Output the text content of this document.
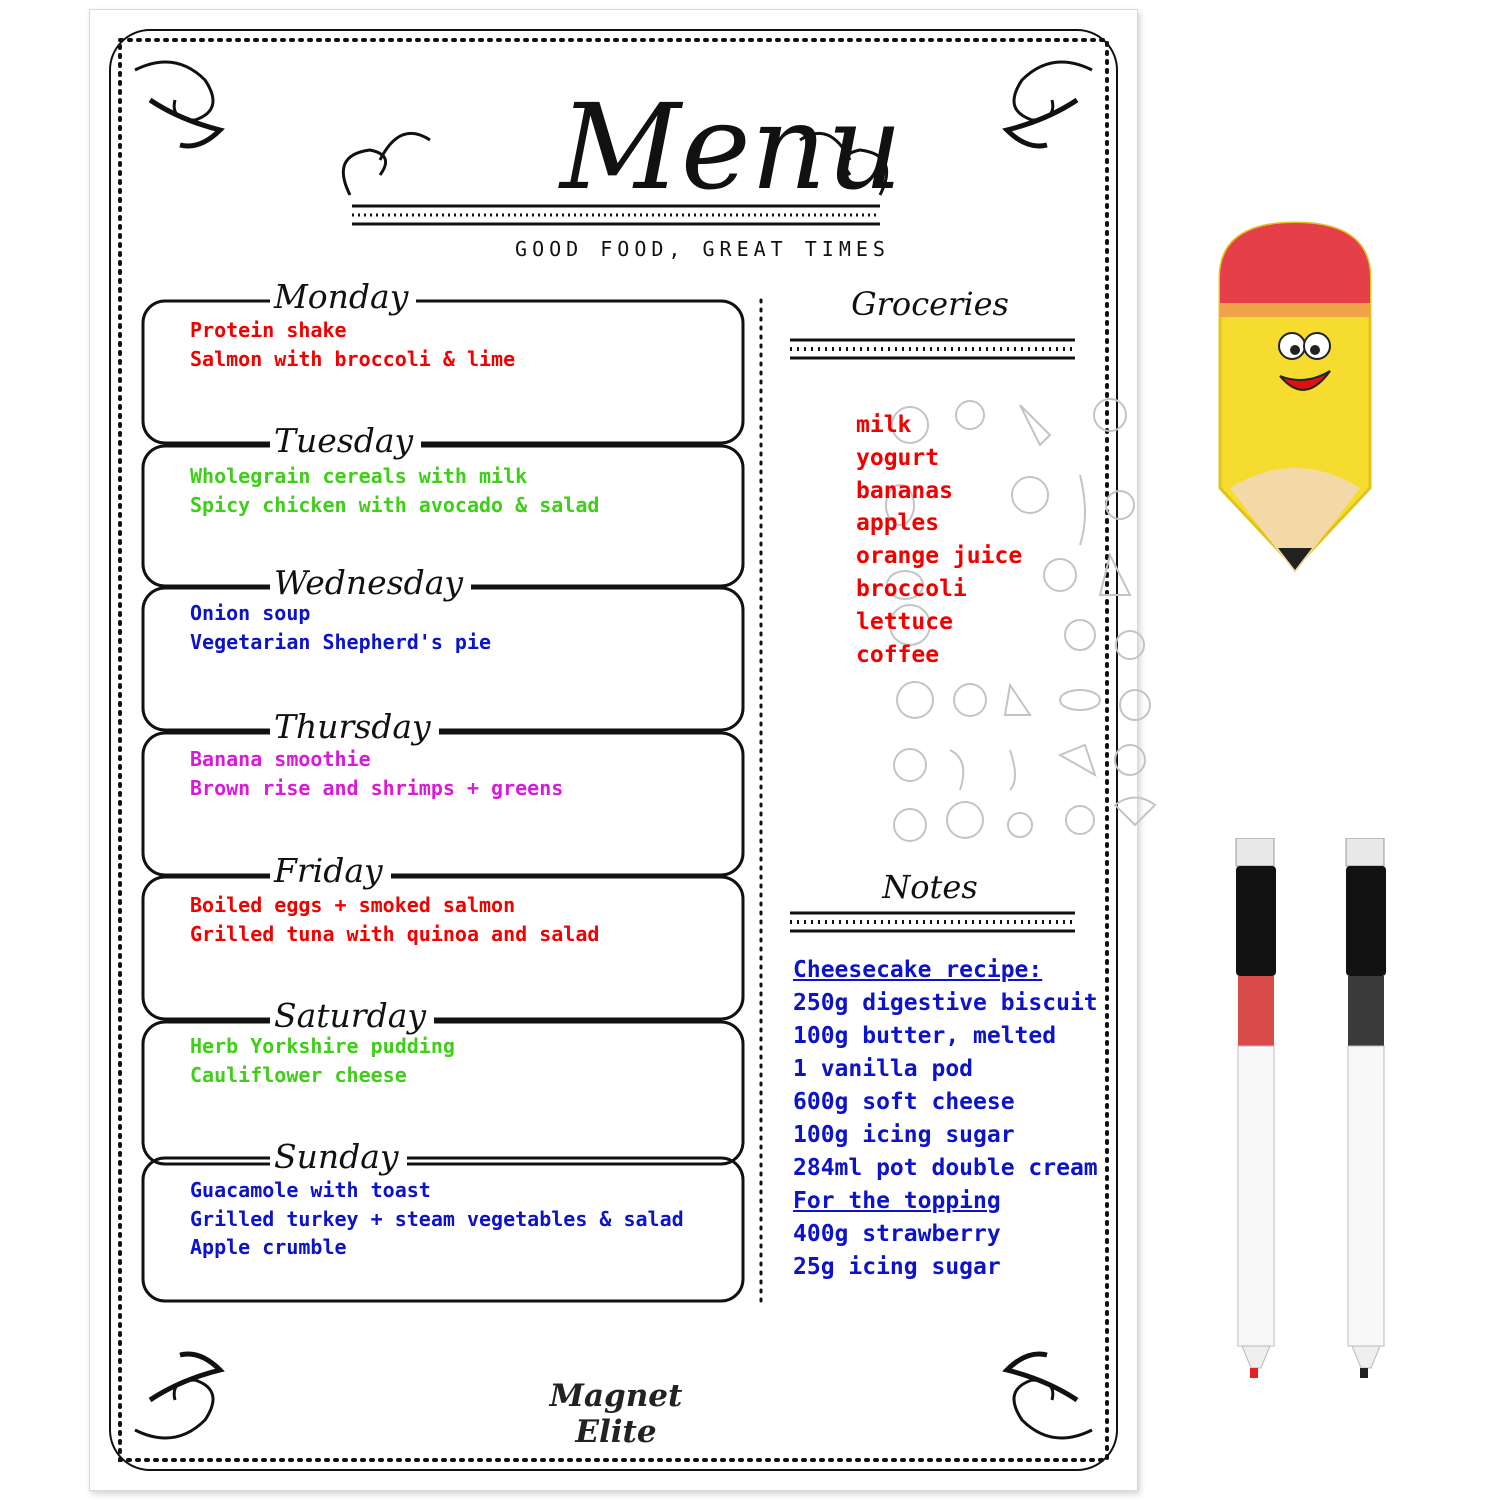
Menu
GOOD FOOD, GREAT TIMES
Monday
Protein shake
Salmon with broccoli & lime
Tuesday
Wholegrain cereals with milk
Spicy chicken with avocado & salad
Wednesday
Onion soup
Vegetarian Shepherd's pie
Thursday
Banana smoothie
Brown rise and shrimps + greens
Friday
Boiled eggs + smoked salmon
Grilled tuna with quinoa and salad
Saturday
Herb Yorkshire pudding
Cauliflower cheese
Sunday
Guacamole with toast
Grilled turkey + steam vegetables & salad
Apple crumble
Groceries
milk
yogurt
bananas
apples
orange juice
broccoli
lettuce
coffee
Notes
Cheesecake recipe:
250g digestive biscuit
100g butter, melted
1 vanilla pod
600g soft cheese
100g icing sugar
284ml pot double cream
For the topping
400g strawberry
25g icing sugar
Magnet Elite
